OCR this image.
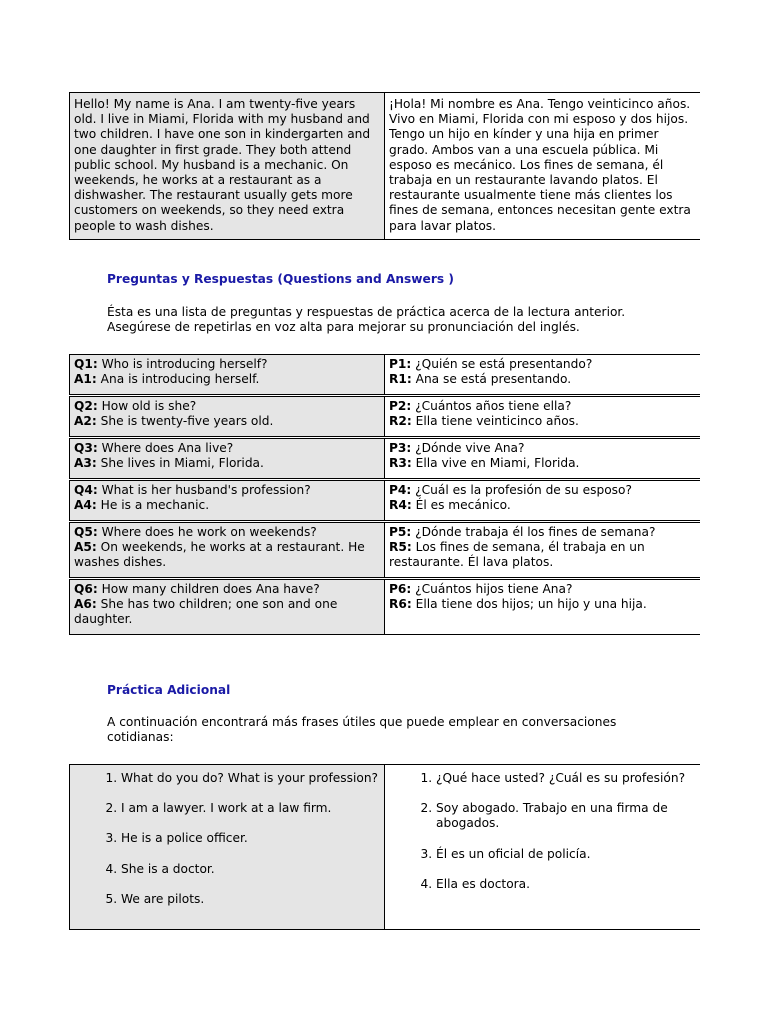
Hello! My name is Ana. I am twenty-five years old. I live in Miami, Florida with my husband and two children. I have one son in kindergarten and one daughter in first grade. They both attend public school. My husband is a mechanic. On weekends, he works at a restaurant as a dishwasher. The restaurant usually gets more customers on weekends, so they need extra people to wash dishes.
¡Hola! Mi nombre es Ana. Tengo veinticinco años. Vivo en Miami, Florida con mi esposo y dos hijos. Tengo un hijo en kínder y una hija en primer grado. Ambos van a una escuela pública. Mi esposo es mecánico. Los fines de semana, él trabaja en un restaurante lavando platos. El restaurante usualmente tiene más clientes los fines de semana, entonces necesitan gente extra para lavar platos.

Preguntas y Respuestas (Questions and Answers )

Ésta es una lista de preguntas y respuestas de práctica acerca de la lectura anterior. Asegúrese de repetirlas en voz alta para mejorar su pronunciación del inglés.

Q1: Who is introducing herself?
A1: Ana is introducing herself.
P1: ¿Quién se está presentando?
R1: Ana se está presentando.
Q2: How old is she?
A2: She is twenty-five years old.
P2: ¿Cuántos años tiene ella?
R2: Ella tiene veinticinco años.
Q3: Where does Ana live?
A3: She lives in Miami, Florida.
P3: ¿Dónde vive Ana?
R3: Ella vive en Miami, Florida.
Q4: What is her husband's profession?
A4: He is a mechanic.
P4: ¿Cuál es la profesión de su esposo?
R4: Él es mecánico.
Q5: Where does he work on weekends?
A5: On weekends, he works at a restaurant. He washes dishes.
P5: ¿Dónde trabaja él los fines de semana?
R5: Los fines de semana, él trabaja en un restaurante. Él lava platos.
Q6: How many children does Ana have?
A6: She has two children; one son and one daughter.
P6: ¿Cuántos hijos tiene Ana?
R6: Ella tiene dos hijos; un hijo y una hija.

Práctica Adicional

A continuación encontrará más frases útiles que puede emplear en conversaciones cotidianas:

1. What do you do? What is your profession?
2. I am a lawyer. I work at a law firm.
3. He is a police officer.
4. She is a doctor.
5. We are pilots.
1. ¿Qué hace usted? ¿Cuál es su profesión?
2. Soy abogado. Trabajo en una firma de abogados.
3. Él es un oficial de policía.
4. Ella es doctora.
